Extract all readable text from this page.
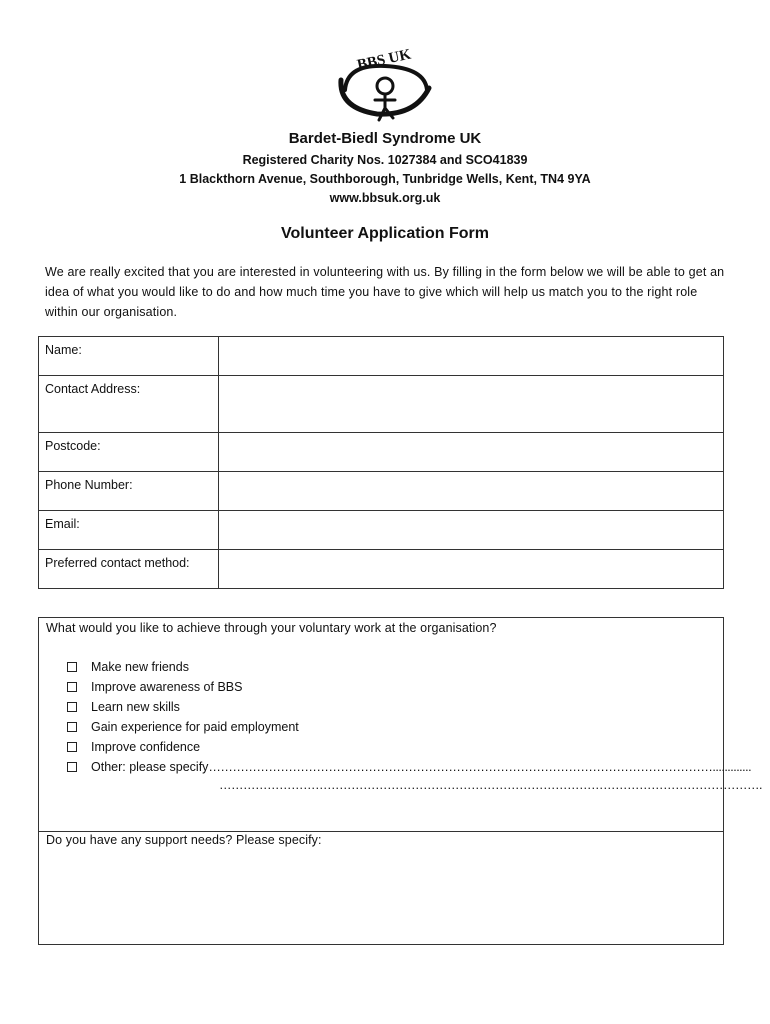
BBS UK
Bardet-Biedl Syndrome UK
Registered Charity Nos. 1027384 and SCO41839
1 Blackthorn Avenue, Southborough, Tunbridge Wells, Kent, TN4 9YA
www.bbsuk.org.uk
Volunteer Application Form
We are really excited that you are interested in volunteering with us. By filling in the form below we will be able to get an idea of what you would like to do and how much time you have to give which will help us match you to the right role within our organisation.
Name:	
Contact Address:	
Postcode:	
Phone Number:	
Email:	
Preferred contact method:	
What would you like to achieve through your voluntary work at the organisation?
Make new friends
Improve awareness of BBS
Learn new skills
Gain experience for paid employment
Improve confidence
Other: please specify……………………………………………………………………………………………………………….............
……………………………………………………………………………………………………………………….
Do you have any support needs? Please specify:
